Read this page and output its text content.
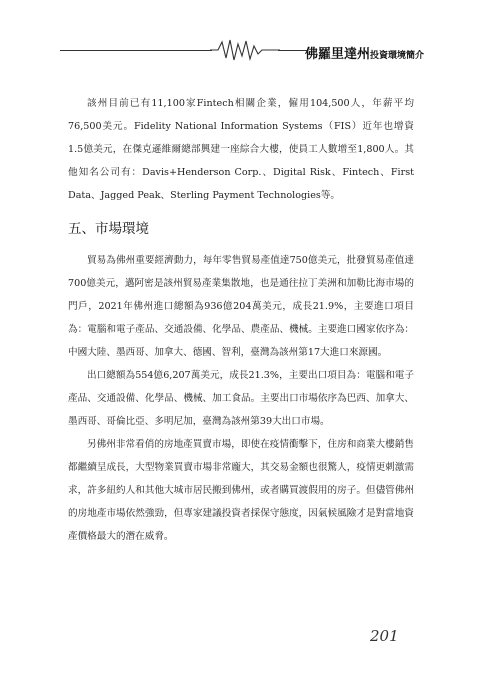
佛羅里達州投資環境簡介

該州目前已有11,100家Fintech相關企業，僱用104,500人，年薪平均76,500美元。Fidelity National Information Systems（FIS）近年也增資1.5億美元，在傑克遜維爾總部興建一座綜合大樓，使員工人數增至1,800人。其他知名公司有：Davis+Henderson Corp.、Digital Risk、Fintech、First Data、Jagged Peak、Sterling Payment Technologies等。

五、市場環境

貿易為佛州重要經濟動力，每年零售貿易產值達750億美元，批發貿易產值達700億美元，邁阿密是該州貿易產業集散地，也是通往拉丁美洲和加勒比海市場的門戶，2021年佛州進口總額為936億204萬美元，成長21.9%，主要進口項目為：電腦和電子產品、交通設備、化學品、農產品、機械。主要進口國家依序為：中國大陸、墨西哥、加拿大、德國、智利，臺灣為該州第17大進口來源國。

出口總額為554億6,207萬美元，成長21.3%，主要出口項目為：電腦和電子產品、交通設備、化學品、機械、加工食品。主要出口市場依序為巴西、加拿大、墨西哥、哥倫比亞、多明尼加，臺灣為該州第39大出口市場。

另佛州非常看俏的房地產買賣市場，即使在疫情衝擊下，住房和商業大樓銷售都繼續呈成長，大型物業買賣市場非常龐大，其交易金額也很驚人，疫情更刺激需求，許多紐約人和其他大城市居民搬到佛州，或者購買渡假用的房子。但儘管佛州的房地產市場依然強勁，但專家建議投資者採保守態度，因氣候風險才是對當地資產價格最大的潛在威脅。

201
